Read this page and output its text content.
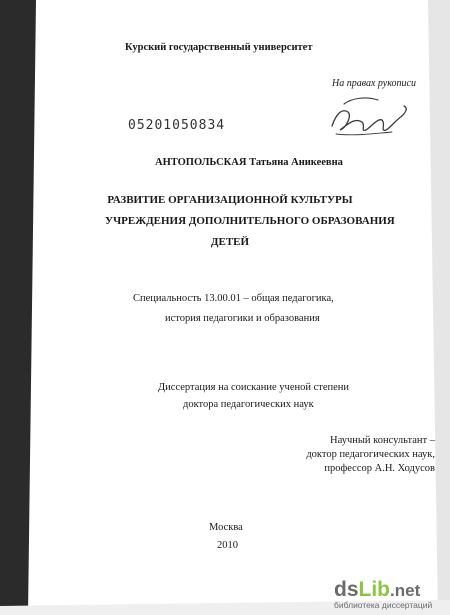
Курский государственный университет

На правах рукописи

05201050834

АНТОПОЛЬСКАЯ Татьяна Аникеевна

РАЗВИТИЕ ОРГАНИЗАЦИОННОЙ КУЛЬТУРЫ
УЧРЕЖДЕНИЯ ДОПОЛНИТЕЛЬНОГО ОБРАЗОВАНИЯ
ДЕТЕЙ

Специальность 13.00.01 – общая педагогика,

история педагогики и образования

Диссертация на соискание ученой степени

доктора педагогических наук

Научный консультант –
доктор педагогических наук,
профессор А.Н. Ходусов

Москва

2010

dsLib.net
библиотека диссертаций
